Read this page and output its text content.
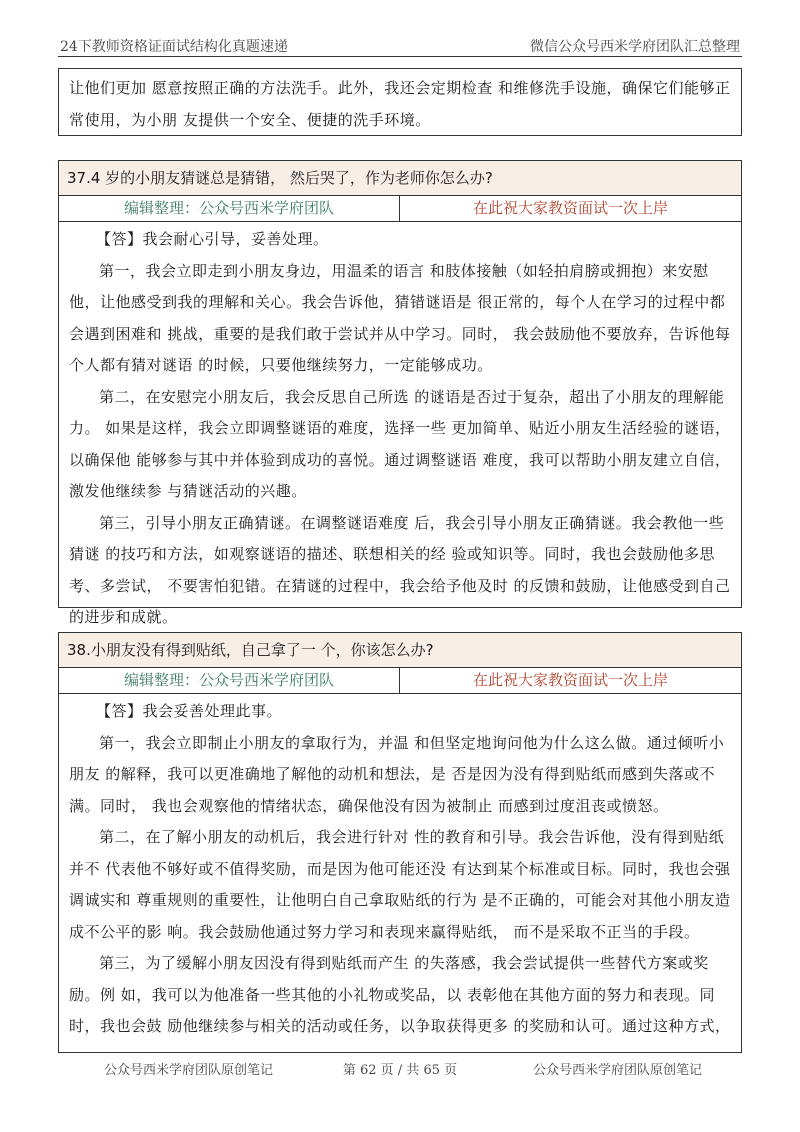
24下教师资格证面试结构化真题速递	微信公众号西米学府团队汇总整理

让他们更加 愿意按照正确的方法洗手。此外，我还会定期检查 和维修洗手设施，确保它们能够正常使用，为小朋 友提供一个安全、便捷的洗手环境。

37.4 岁的小朋友猜谜总是猜错， 然后哭了，作为老师你怎么办?
编辑整理：公众号西米学府团队	在此祝大家教资面试一次上岸

【答】我会耐心引导，妥善处理。

第一，我会立即走到小朋友身边，用温柔的语言 和肢体接触（如轻拍肩膀或拥抱）来安慰他，让他感受到我的理解和关心。我会告诉他，猜错谜语是 很正常的，每个人在学习的过程中都会遇到困难和 挑战，重要的是我们敢于尝试并从中学习。同时， 我会鼓励他不要放弃，告诉他每个人都有猜对谜语 的时候，只要他继续努力，一定能够成功。

第二，在安慰完小朋友后，我会反思自己所选 的谜语是否过于复杂，超出了小朋友的理解能力。 如果是这样，我会立即调整谜语的难度，选择一些 更加简单、贴近小朋友生活经验的谜语，以确保他 能够参与其中并体验到成功的喜悦。通过调整谜语 难度，我可以帮助小朋友建立自信，激发他继续参 与猜谜活动的兴趣。

第三，引导小朋友正确猜谜。在调整谜语难度 后，我会引导小朋友正确猜谜。我会教他一些猜谜 的技巧和方法，如观察谜语的描述、联想相关的经 验或知识等。同时，我也会鼓励他多思考、多尝试， 不要害怕犯错。在猜谜的过程中，我会给予他及时 的反馈和鼓励，让他感受到自己的进步和成就。

38.小朋友没有得到贴纸，自己拿了一 个，你该怎么办?
编辑整理：公众号西米学府团队	在此祝大家教资面试一次上岸

【答】我会妥善处理此事。

第一，我会立即制止小朋友的拿取行为，并温 和但坚定地询问他为什么这么做。通过倾听小朋友 的解释，我可以更准确地了解他的动机和想法，是 否是因为没有得到贴纸而感到失落或不满。同时， 我也会观察他的情绪状态，确保他没有因为被制止 而感到过度沮丧或愤怒。

第二，在了解小朋友的动机后，我会进行针对 性的教育和引导。我会告诉他，没有得到贴纸并不 代表他不够好或不值得奖励，而是因为他可能还没 有达到某个标准或目标。同时，我也会强调诚实和 尊重规则的重要性，让他明白自己拿取贴纸的行为 是不正确的，可能会对其他小朋友造成不公平的影 响。我会鼓励他通过努力学习和表现来赢得贴纸， 而不是采取不正当的手段。

第三，为了缓解小朋友因没有得到贴纸而产生 的失落感，我会尝试提供一些替代方案或奖励。例 如，我可以为他准备一些其他的小礼物或奖品，以 表彰他在其他方面的努力和表现。同时，我也会鼓 励他继续参与相关的活动或任务，以争取获得更多 的奖励和认可。通过这种方式，

公众号西米学府团队原创笔记	第 62 页 / 共 65 页	公众号西米学府团队原创笔记
